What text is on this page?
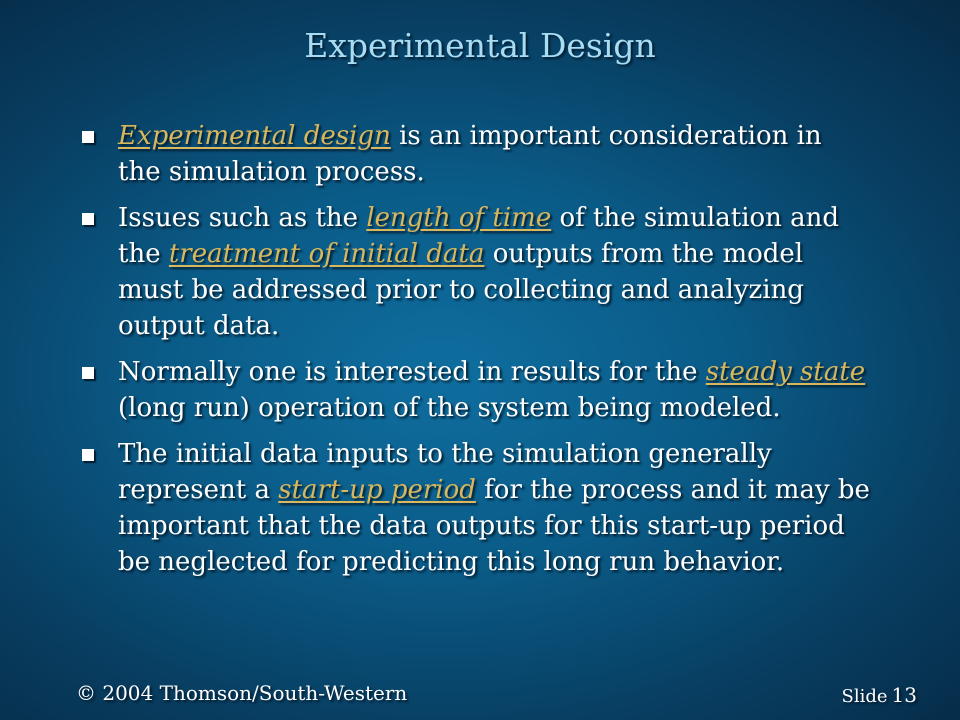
Experimental Design
Experimental design is an important consideration in the simulation process.
Issues such as the length of time of the simulation and the treatment of initial data outputs from the model must be addressed prior to collecting and analyzing output data.
Normally one is interested in results for the steady state (long run) operation of the system being modeled.
The initial data inputs to the simulation generally represent a start-up period for the process and it may be important that the data outputs for this start-up period be neglected for predicting this long run behavior.
© 2004 Thomson/South-Western	Slide 13
